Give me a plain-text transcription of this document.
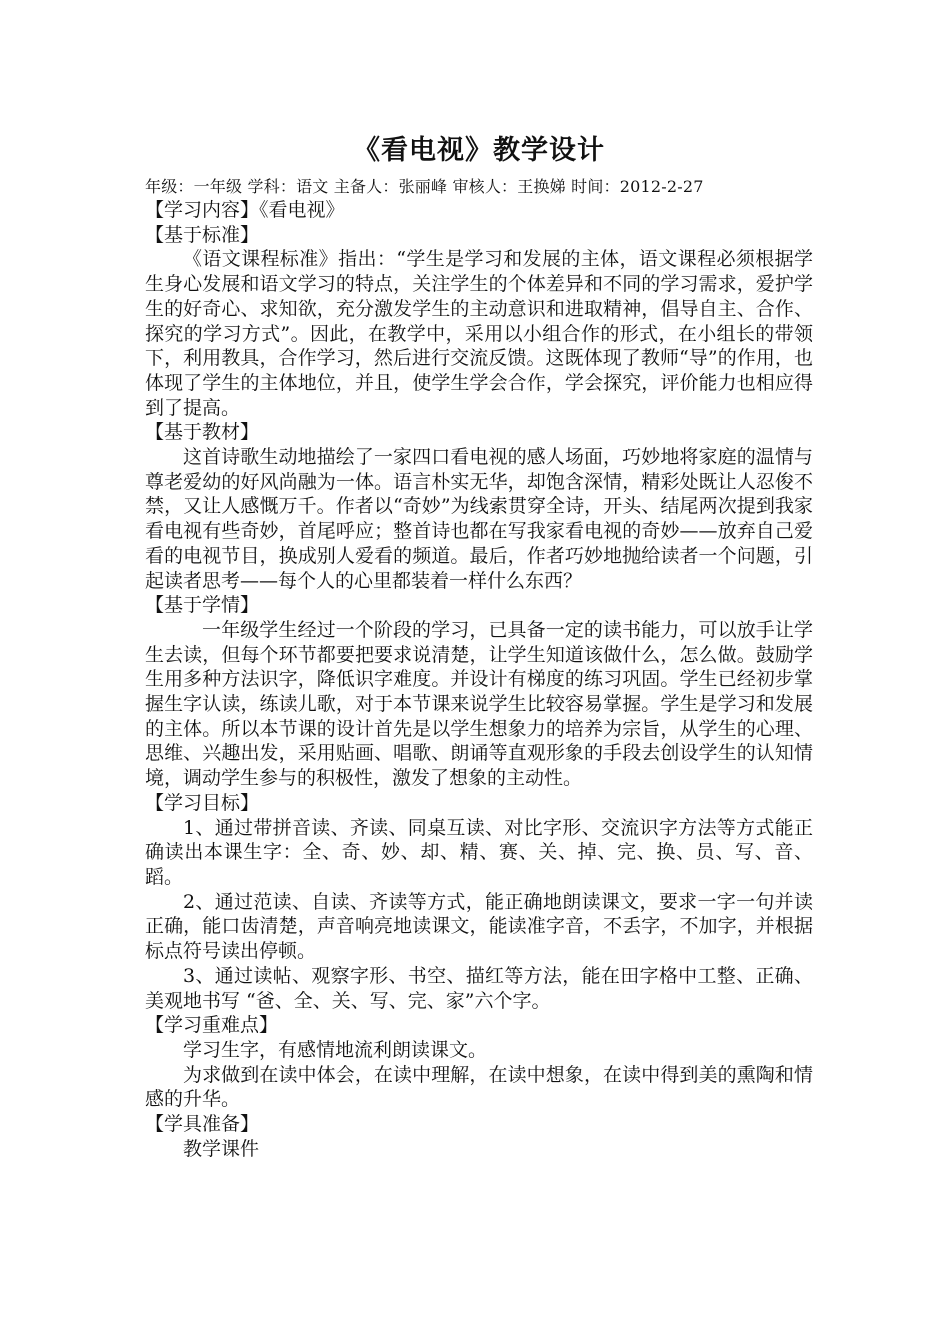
《看电视》教学设计
年级：一年级 学科：语文 主备人：张丽峰 审核人：王换娣 时间：2012-2-27

【学习内容】《看电视》

【基于标准】

《语文课程标准》指出：“学生是学习和发展的主体，语文课程必须根据学生身心发展和语文学习的特点，关注学生的个体差异和不同的学习需求，爱护学生的好奇心、求知欲，充分激发学生的主动意识和进取精神，倡导自主、合作、探究的学习方式”。因此，在教学中，采用以小组合作的形式，在小组长的带领下，利用教具，合作学习，然后进行交流反馈。这既体现了教师“导”的作用，也体现了学生的主体地位，并且，使学生学会合作，学会探究，评价能力也相应得到了提高。

【基于教材】

这首诗歌生动地描绘了一家四口看电视的感人场面，巧妙地将家庭的温情与尊老爱幼的好风尚融为一体。语言朴实无华，却饱含深情，精彩处既让人忍俊不禁，又让人感慨万千。作者以“奇妙”为线索贯穿全诗，开头、结尾两次提到我家看电视有些奇妙，首尾呼应；整首诗也都在写我家看电视的奇妙——放弃自己爱看的电视节目，换成别人爱看的频道。最后，作者巧妙地抛给读者一个问题，引起读者思考——每个人的心里都装着一样什么东西？

【基于学情】

一年级学生经过一个阶段的学习，已具备一定的读书能力，可以放手让学生去读，但每个环节都要把要求说清楚，让学生知道该做什么，怎么做。鼓励学生用多种方法识字，降低识字难度。并设计有梯度的练习巩固。学生已经初步掌握生字认读，练读儿歌，对于本节课来说学生比较容易掌握。学生是学习和发展的主体。所以本节课的设计首先是以学生想象力的培养为宗旨，从学生的心理、思维、兴趣出发，采用贴画、唱歌、朗诵等直观形象的手段去创设学生的认知情境，调动学生参与的积极性，激发了想象的主动性。

【学习目标】

1、通过带拼音读、齐读、同桌互读、对比字形、交流识字方法等方式能正确读出本课生字：全、奇、妙、却、精、赛、关、掉、完、换、员、写、音、蹈。

2、通过范读、自读、齐读等方式，能正确地朗读课文，要求一字一句并读正确，能口齿清楚，声音响亮地读课文，能读准字音，不丢字，不加字，并根据标点符号读出停顿。

3、通过读帖、观察字形、书空、描红等方法，能在田字格中工整、正确、美观地书写 “爸、全、关、写、完、家”六个字。

【学习重难点】

学习生字，有感情地流利朗读课文。

为求做到在读中体会，在读中理解，在读中想象，在读中得到美的熏陶和情感的升华。

【学具准备】

教学课件
